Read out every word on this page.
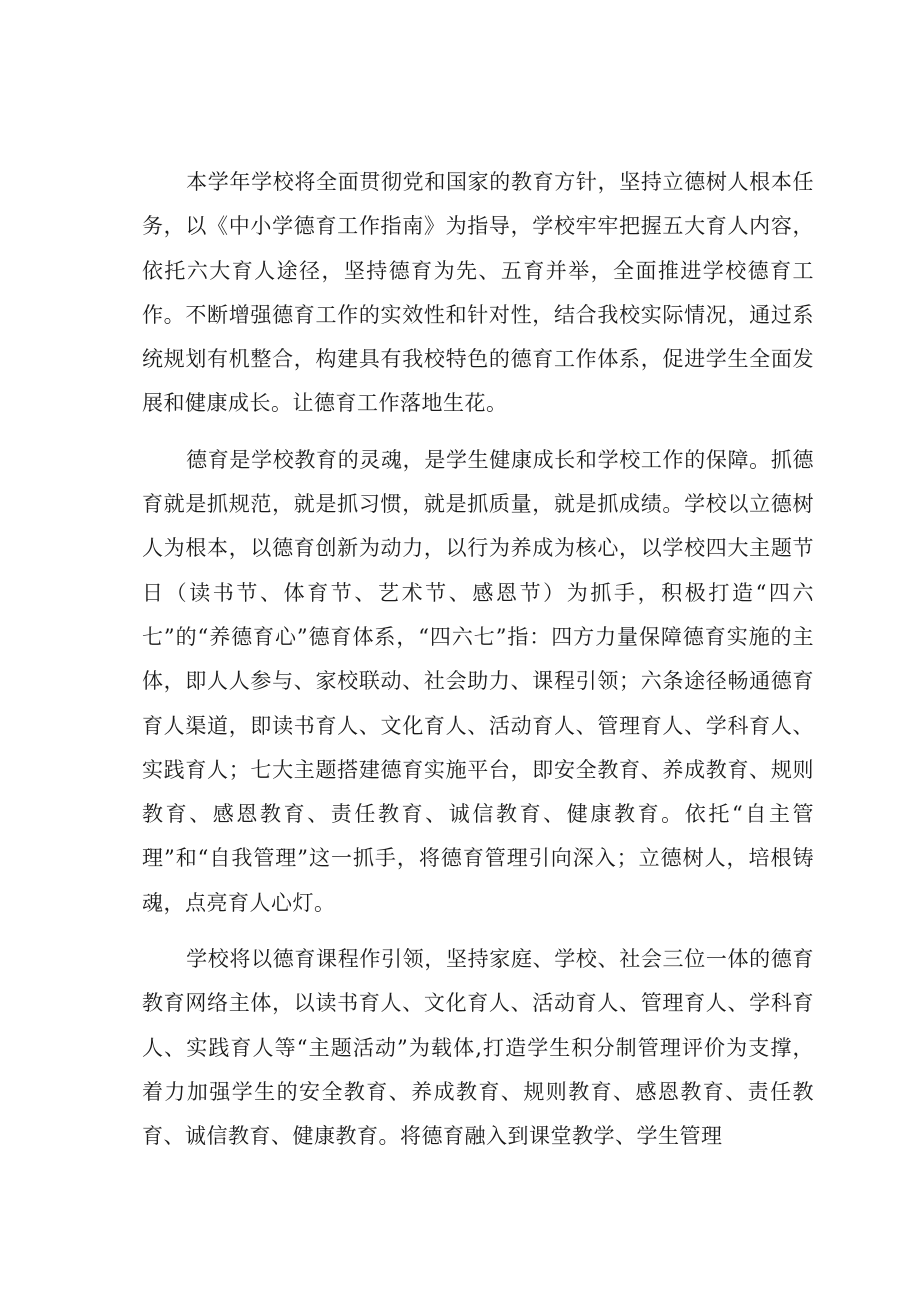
本学年学校将全面贯彻党和国家的教育方针，坚持立德树人根本任务，以《中小学德育工作指南》为指导，学校牢牢把握五大育人内容，依托六大育人途径，坚持德育为先、五育并举，全面推进学校德育工作。不断增强德育工作的实效性和针对性，结合我校实际情况，通过系统规划有机整合，构建具有我校特色的德育工作体系，促进学生全面发展和健康成长。让德育工作落地生花。

德育是学校教育的灵魂，是学生健康成长和学校工作的保障。抓德育就是抓规范，就是抓习惯，就是抓质量，就是抓成绩。学校以立德树人为根本，以德育创新为动力，以行为养成为核心，以学校四大主题节日（读书节、体育节、艺术节、感恩节）为抓手，积极打造“四六七”的“养德育心”德育体系，“四六七”指：四方力量保障德育实施的主体，即人人参与、家校联动、社会助力、课程引领；六条途径畅通德育育人渠道，即读书育人、文化育人、活动育人、管理育人、学科育人、实践育人；七大主题搭建德育实施平台，即安全教育、养成教育、规则教育、感恩教育、责任教育、诚信教育、健康教育。依托“自主管理”和“自我管理”这一抓手，将德育管理引向深入；立德树人，培根铸魂，点亮育人心灯。

学校将以德育课程作引领，坚持家庭、学校、社会三位一体的德育教育网络主体，以读书育人、文化育人、活动育人、管理育人、学科育人、实践育人等“主题活动”为载体,打造学生积分制管理评价为支撑，着力加强学生的安全教育、养成教育、规则教育、感恩教育、责任教育、诚信教育、健康教育。将德育融入到课堂教学、学生管理
